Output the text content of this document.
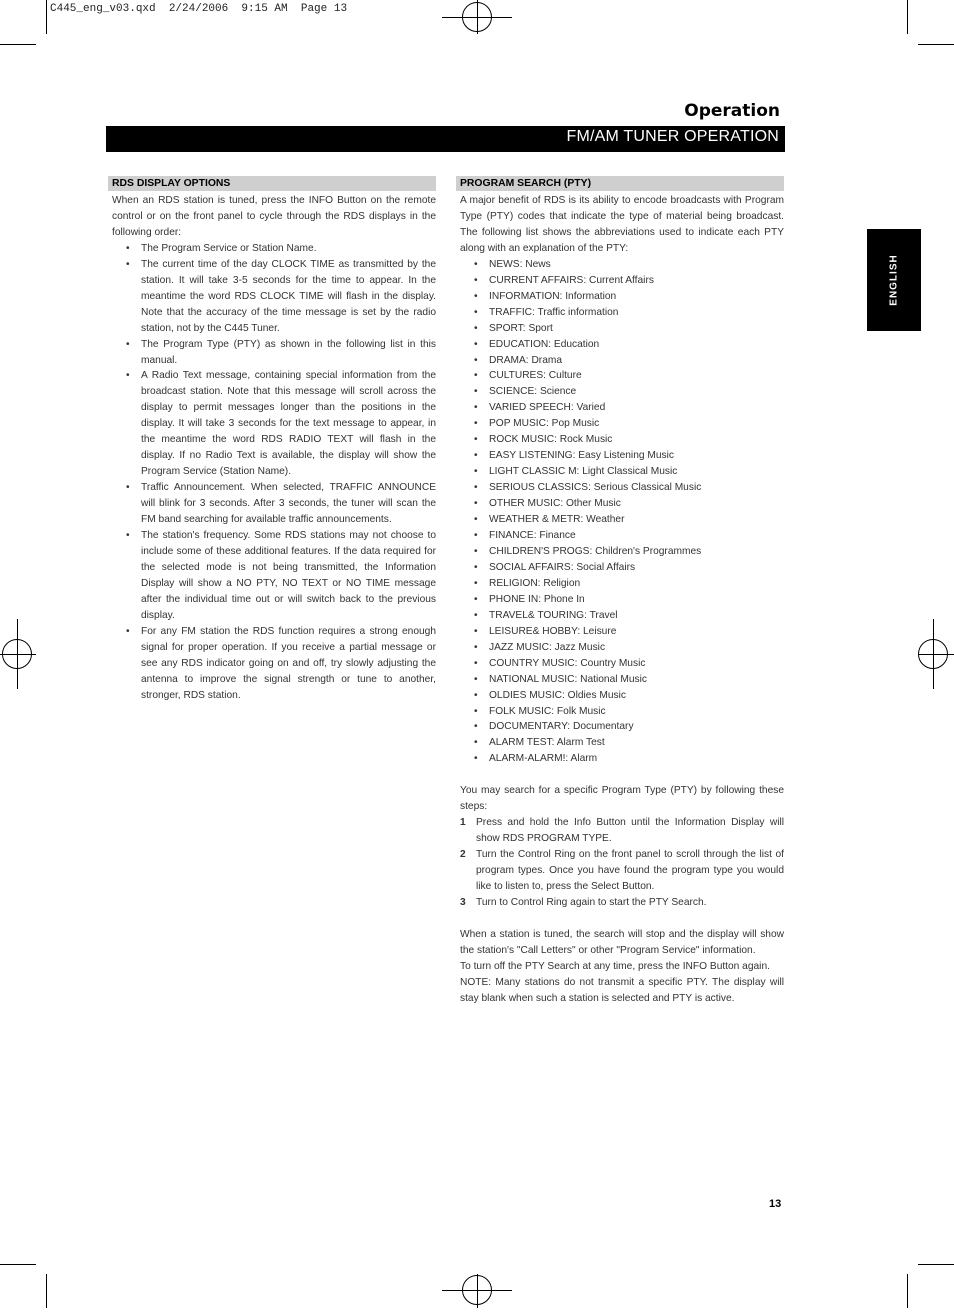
C445_eng_v03.qxd  2/24/2006  9:15 AM  Page 13
Operation
FM/AM TUNER OPERATION
ENGLISH
RDS DISPLAY OPTIONS

When an RDS station is tuned, press the INFO Button on the remote control or on the front panel to cycle through the RDS displays in the following order:

• The Program Service or Station Name.
• The current time of the day CLOCK TIME as transmitted by the station. It will take 3-5 seconds for the time to appear. In the meantime the word RDS CLOCK TIME will flash in the display. Note that the accuracy of the time message is set by the radio station, not by the C445 Tuner.
• The Program Type (PTY) as shown in the following list in this manual.
• A Radio Text message, containing special information from the broadcast station. Note that this message will scroll across the display to permit messages longer than the positions in the display. It will take 3 seconds for the text message to appear, in the meantime the word RDS RADIO TEXT will flash in the display. If no Radio Text is available, the display will show the Program Service (Station Name).
• Traffic Announcement. When selected, TRAFFIC ANNOUNCE will blink for 3 seconds. After 3 seconds, the tuner will scan the FM band searching for available traffic announcements.
• The station's frequency. Some RDS stations may not choose to include some of these additional features. If the data required for the selected mode is not being transmitted, the Information Display will show a NO PTY, NO TEXT or NO TIME message after the individual time out or will switch back to the previous display.
• For any FM station the RDS function requires a strong enough signal for proper operation. If you receive a partial message or see any RDS indicator going on and off, try slowly adjusting the antenna to improve the signal strength or tune to another, stronger, RDS station.
PROGRAM SEARCH (PTY)

A major benefit of RDS is its ability to encode broadcasts with Program Type (PTY) codes that indicate the type of material being broadcast. The following list shows the abbreviations used to indicate each PTY along with an explanation of the PTY:

• NEWS: News
• CURRENT AFFAIRS: Current Affairs
• INFORMATION: Information
• TRAFFIC: Traffic information
• SPORT: Sport
• EDUCATION: Education
• DRAMA: Drama
• CULTURES: Culture
• SCIENCE: Science
• VARIED SPEECH: Varied
• POP MUSIC: Pop Music
• ROCK MUSIC: Rock Music
• EASY LISTENING: Easy Listening Music
• LIGHT CLASSIC M: Light Classical Music
• SERIOUS CLASSICS: Serious Classical Music
• OTHER MUSIC: Other Music
• WEATHER & METR: Weather
• FINANCE: Finance
• CHILDREN'S PROGS: Children's Programmes
• SOCIAL AFFAIRS: Social Affairs
• RELIGION: Religion
• PHONE IN: Phone In
• TRAVEL& TOURING: Travel
• LEISURE& HOBBY: Leisure
• JAZZ MUSIC: Jazz Music
• COUNTRY MUSIC: Country Music
• NATIONAL MUSIC: National Music
• OLDIES MUSIC: Oldies Music
• FOLK MUSIC: Folk Music
• DOCUMENTARY: Documentary
• ALARM TEST: Alarm Test
• ALARM-ALARM!: Alarm

You may search for a specific Program Type (PTY) by following these steps:

1 Press and hold the Info Button until the Information Display will show RDS PROGRAM TYPE.
2 Turn the Control Ring on the front panel to scroll through the list of program types. Once you have found the program type you would like to listen to, press the Select Button.
3 Turn to Control Ring again to start the PTY Search.

When a station is tuned, the search will stop and the display will show the station's "Call Letters" or other "Program Service" information.

To turn off the PTY Search at any time, press the INFO Button again.

NOTE: Many stations do not transmit a specific PTY. The display will stay blank when such a station is selected and PTY is active.

13
